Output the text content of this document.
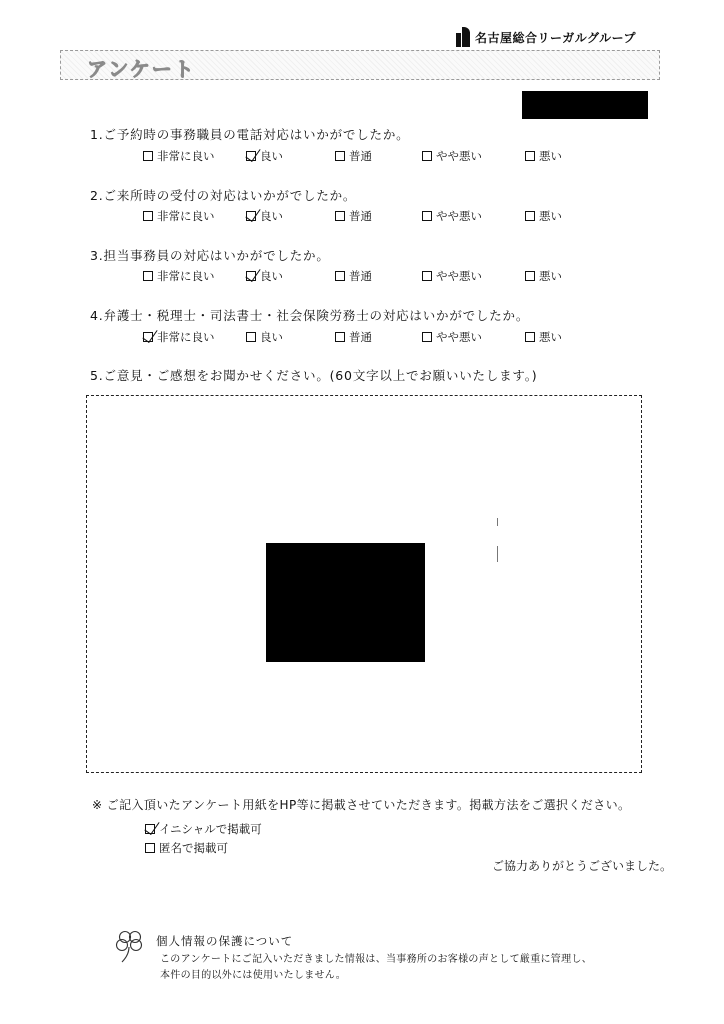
名古屋総合リーガルグループ
アンケート
1.ご予約時の事務職員の電話対応はいかがでしたか。
非常に良い	良い	普通	やや悪い	悪い
2.ご来所時の受付の対応はいかがでしたか。
非常に良い	良い	普通	やや悪い	悪い
3.担当事務員の対応はいかがでしたか。
非常に良い	良い	普通	やや悪い	悪い
4.弁護士・税理士・司法書士・社会保険労務士の対応はいかがでしたか。
非常に良い	良い	普通	やや悪い	悪い
5.ご意見・ご感想をお聞かせください。(60文字以上でお願いいたします。)
※ ご記入頂いたアンケート用紙をHP等に掲載させていただきます。掲載方法をご選択ください。
イニシャルで掲載可
匿名で掲載可
ご協力ありがとうございました。
個人情報の保護について
このアンケートにご記入いただきました情報は、当事務所のお客様の声として厳重に管理し、
本件の目的以外には使用いたしません。
